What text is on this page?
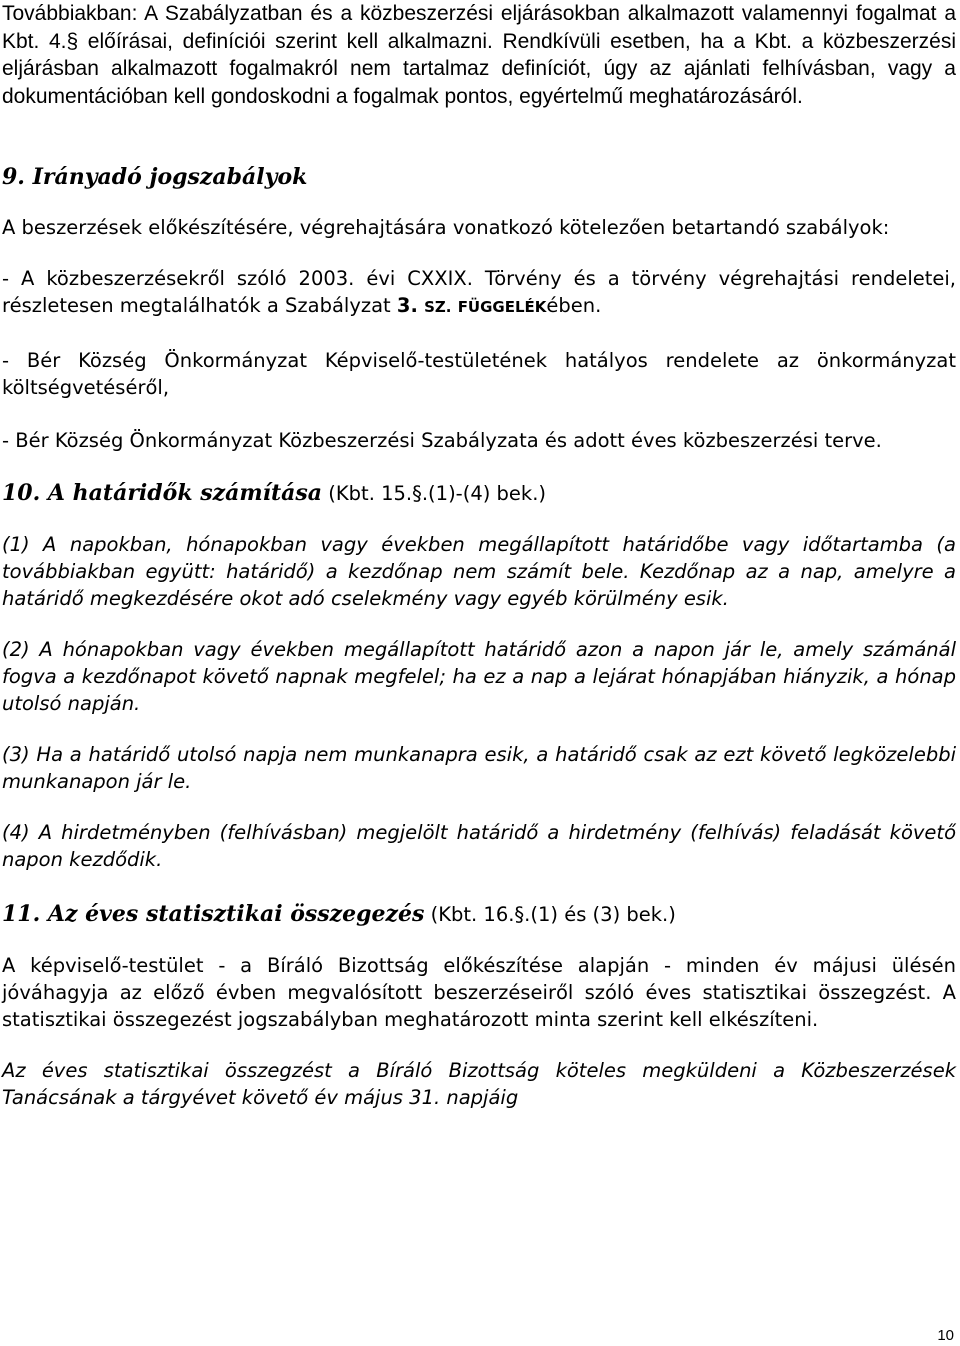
Továbbiakban: A Szabályzatban és a közbeszerzési eljárásokban alkalmazott valamennyi fogalmat a Kbt. 4.§ előírásai, definíciói szerint kell alkalmazni. Rendkívüli esetben, ha a Kbt. a közbeszerzési eljárásban alkalmazott fogalmakról nem tartalmaz definíciót, úgy az ajánlati felhívásban, vagy a dokumentációban kell gondoskodni a fogalmak pontos, egyértelmű meghatározásáról.

9. Irányadó jogszabályok

A beszerzések előkészítésére, végrehajtására vonatkozó kötelezően betartandó szabályok:

- A közbeszerzésekről szóló 2003. évi CXXIX. Törvény és a törvény végrehajtási rendeletei, részletesen megtalálhatók a Szabályzat 3. SZ. FÜGGELÉKében.

- Bér Község Önkormányzat Képviselő-testületének hatályos rendelete az önkormányzat költségvetéséről,

- Bér Község Önkormányzat Közbeszerzési Szabályzata és adott éves közbeszerzési terve.

10. A határidők számítása (Kbt. 15.§.(1)-(4) bek.)

(1) A napokban, hónapokban vagy években megállapított határidőbe vagy időtartamba (a továbbiakban együtt: határidő) a kezdőnap nem számít bele. Kezdőnap az a nap, amelyre a határidő megkezdésére okot adó cselekmény vagy egyéb körülmény esik.

(2) A hónapokban vagy években megállapított határidő azon a napon jár le, amely számánál fogva a kezdőnapot követő napnak megfelel; ha ez a nap a lejárat hónapjában hiányzik, a hónap utolsó napján.

(3) Ha a határidő utolsó napja nem munkanapra esik, a határidő csak az ezt követő legközelebbi munkanapon jár le.

(4) A hirdetményben (felhívásban) megjelölt határidő a hirdetmény (felhívás) feladását követő napon kezdődik.

11. Az éves statisztikai összegezés (Kbt. 16.§.(1) és (3) bek.)

A képviselő-testület - a Bíráló Bizottság előkészítése alapján - minden év májusi ülésén jóváhagyja az előző évben megvalósított beszerzéseiről szóló éves statisztikai összegzést. A statisztikai összegezést jogszabályban meghatározott minta szerint kell elkészíteni.

Az éves statisztikai összegzést a Bíráló Bizottság köteles megküldeni a Közbeszerzések Tanácsának a tárgyévet követő év május 31. napjáig

10
